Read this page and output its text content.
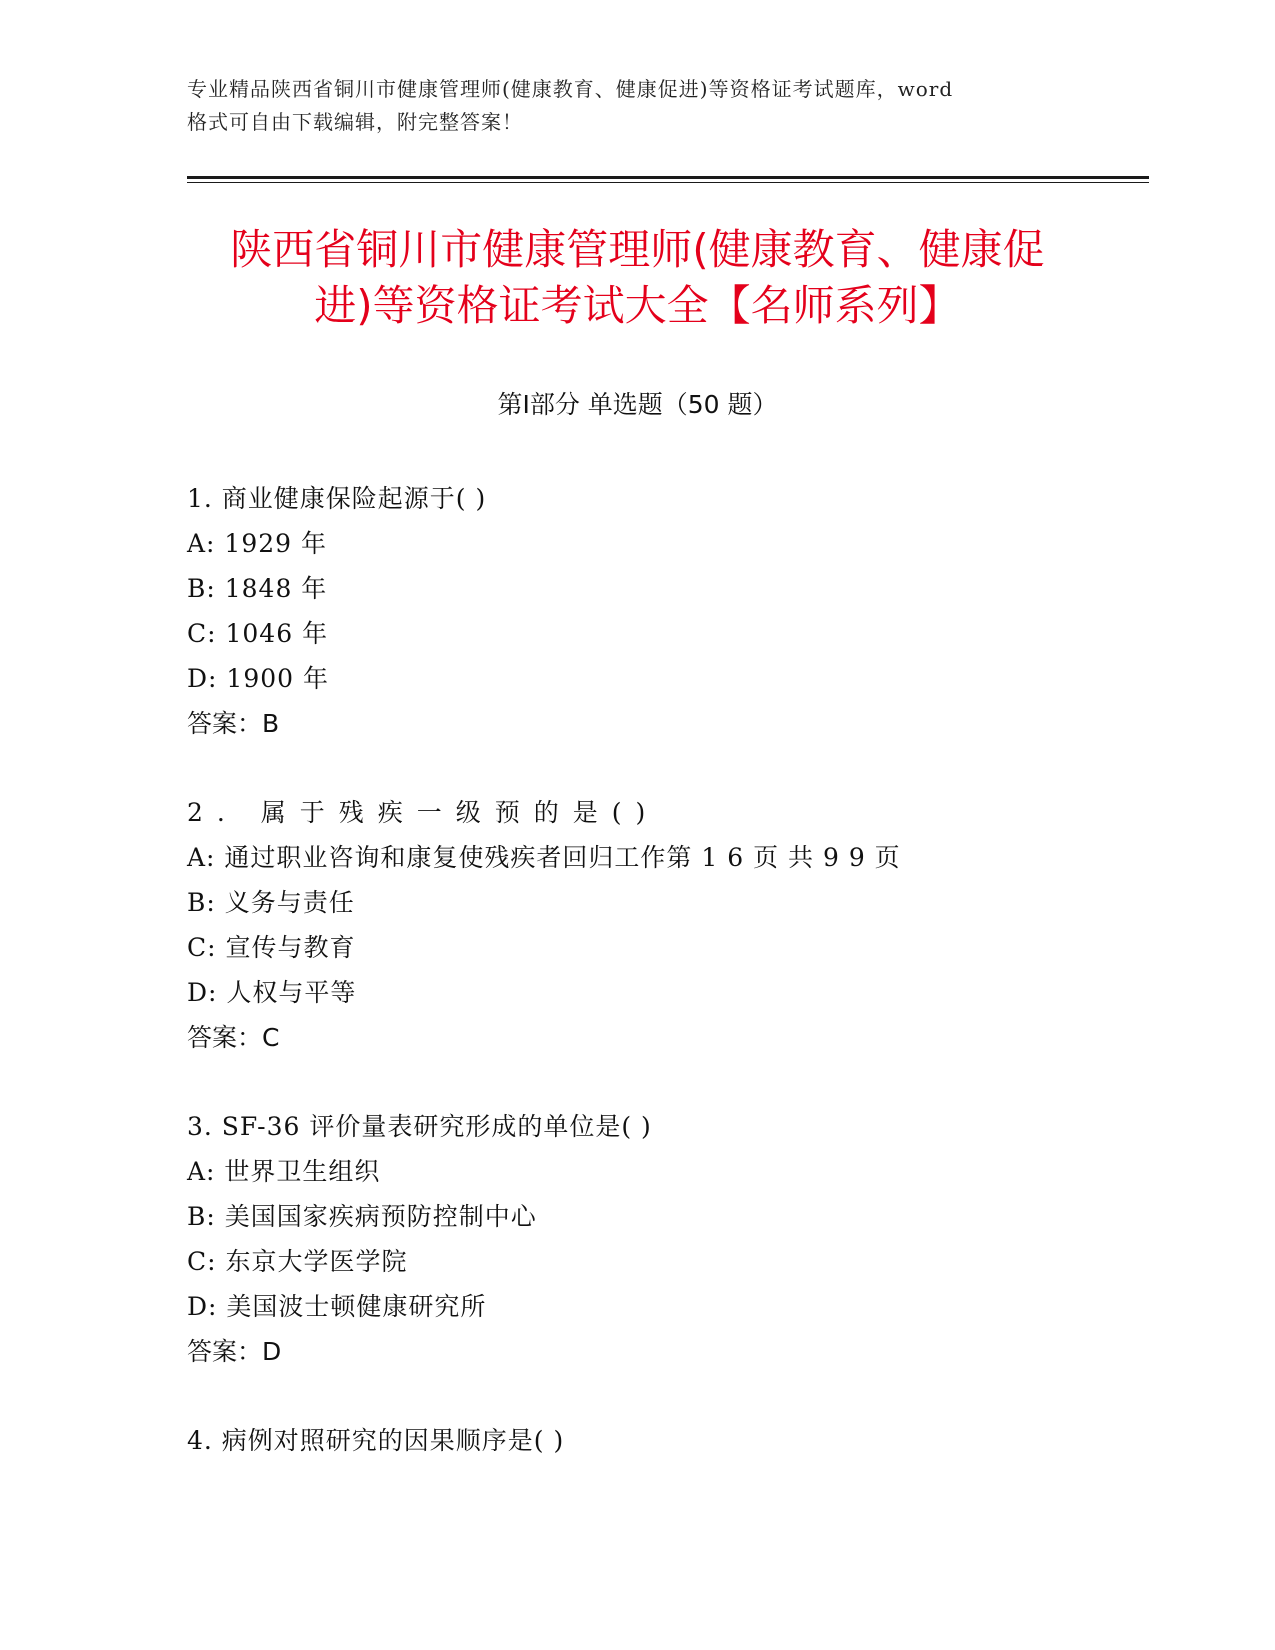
专业精品陕西省铜川市健康管理师(健康教育、健康促进)等资格证考试题库，word
格式可自由下载编辑，附完整答案！
陕西省铜川市健康管理师(健康教育、健康促
进)等资格证考试大全【名师系列】
第Ⅰ部分 单选题（50 题）
1. 商业健康保险起源于( )
A: 1929 年
B: 1848 年
C: 1046 年
D: 1900 年
答案：B
2. 属于残疾一级预的是()
A: 通过职业咨询和康复使残疾者回归工作第 1 6 页 共 9 9 页
B: 义务与责任
C: 宣传与教育
D: 人权与平等
答案：C
3. SF-36 评价量表研究形成的单位是( )
A: 世界卫生组织
B: 美国国家疾病预防控制中心
C: 东京大学医学院
D: 美国波士顿健康研究所
答案：D
4. 病例对照研究的因果顺序是( )
